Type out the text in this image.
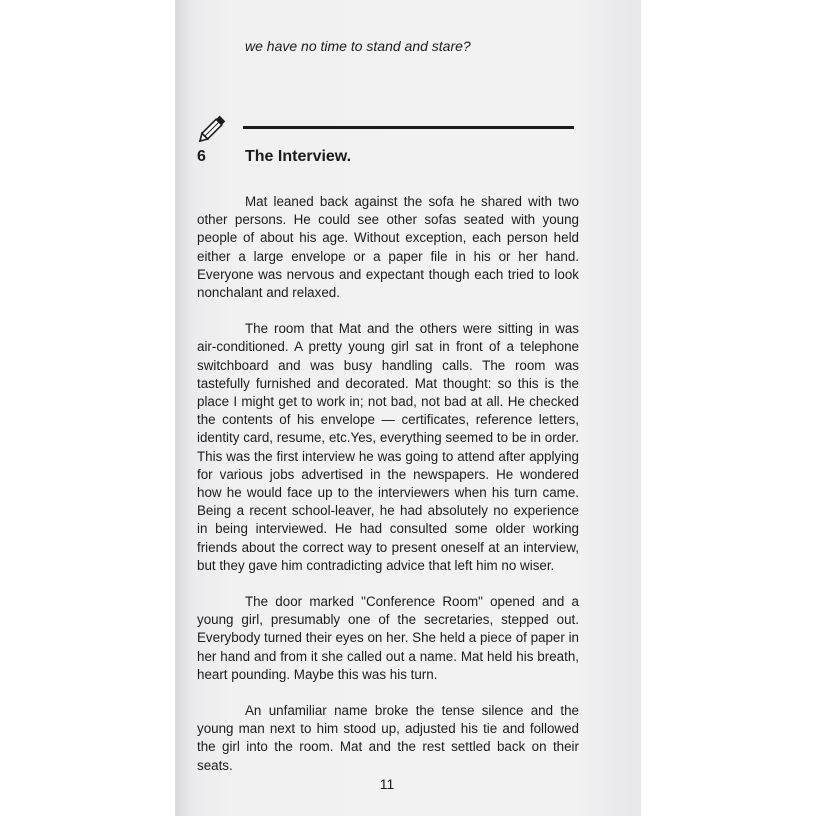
we have no time to stand and stare?

6 The Interview.

Mat leaned back against the sofa he shared with two other persons. He could see other sofas seated with young people of about his age. Without exception, each person held either a large envelope or a paper file in his or her hand. Everyone was nervous and expectant though each tried to look nonchalant and relaxed.

The room that Mat and the others were sitting in was air-conditioned. A pretty young girl sat in front of a telephone switchboard and was busy handling calls. The room was tastefully furnished and decorated. Mat thought: so this is the place I might get to work in; not bad, not bad at all. He checked the contents of his envelope — certificates, reference letters, identity card, resume, etc.Yes, everything seemed to be in order. This was the first interview he was going to attend after applying for various jobs advertised in the newspapers. He wondered how he would face up to the interviewers when his turn came. Being a recent school-leaver, he had absolutely no experience in being interviewed. He had consulted some older working friends about the correct way to present oneself at an interview, but they gave him contradicting advice that left him no wiser.

The door marked "Conference Room" opened and a young girl, presumably one of the secretaries, stepped out. Everybody turned their eyes on her. She held a piece of paper in her hand and from it she called out a name. Mat held his breath, heart pounding. Maybe this was his turn.

An unfamiliar name broke the tense silence and the young man next to him stood up, adjusted his tie and followed the girl into the room. Mat and the rest settled back on their seats.

11
